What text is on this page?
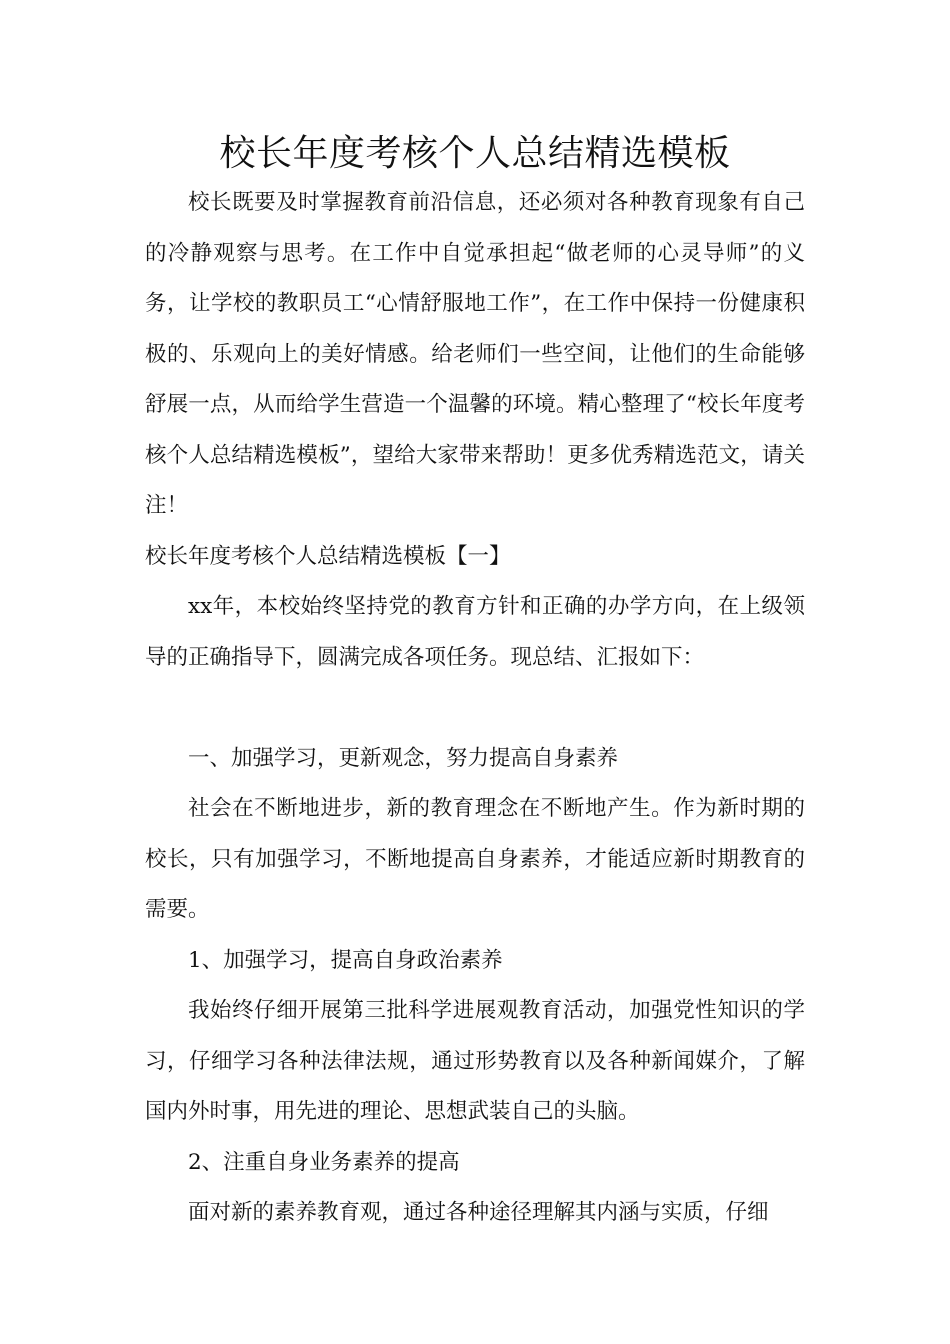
校长年度考核个人总结精选模板

校长既要及时掌握教育前沿信息，还必须对各种教育现象有自己的冷静观察与思考。在工作中自觉承担起“做老师的心灵导师”的义务，让学校的教职员工“心情舒服地工作”，在工作中保持一份健康积极的、乐观向上的美好情感。给老师们一些空间，让他们的生命能够舒展一点，从而给学生营造一个温馨的环境。精心整理了“校长年度考核个人总结精选模板”，望给大家带来帮助！更多优秀精选范文，请关注！

校长年度考核个人总结精选模板【一】

xx年，本校始终坚持党的教育方针和正确的办学方向，在上级领导的正确指导下，圆满完成各项任务。现总结、汇报如下：

一、加强学习，更新观念，努力提高自身素养

社会在不断地进步，新的教育理念在不断地产生。作为新时期的校长，只有加强学习，不断地提高自身素养，才能适应新时期教育的需要。

1、加强学习，提高自身政治素养

我始终仔细开展第三批科学进展观教育活动，加强党性知识的学习，仔细学习各种法律法规，通过形势教育以及各种新闻媒介，了解国内外时事，用先进的理论、思想武装自己的头脑。

2、注重自身业务素养的提高

面对新的素养教育观，通过各种途径理解其内涵与实质，仔细
